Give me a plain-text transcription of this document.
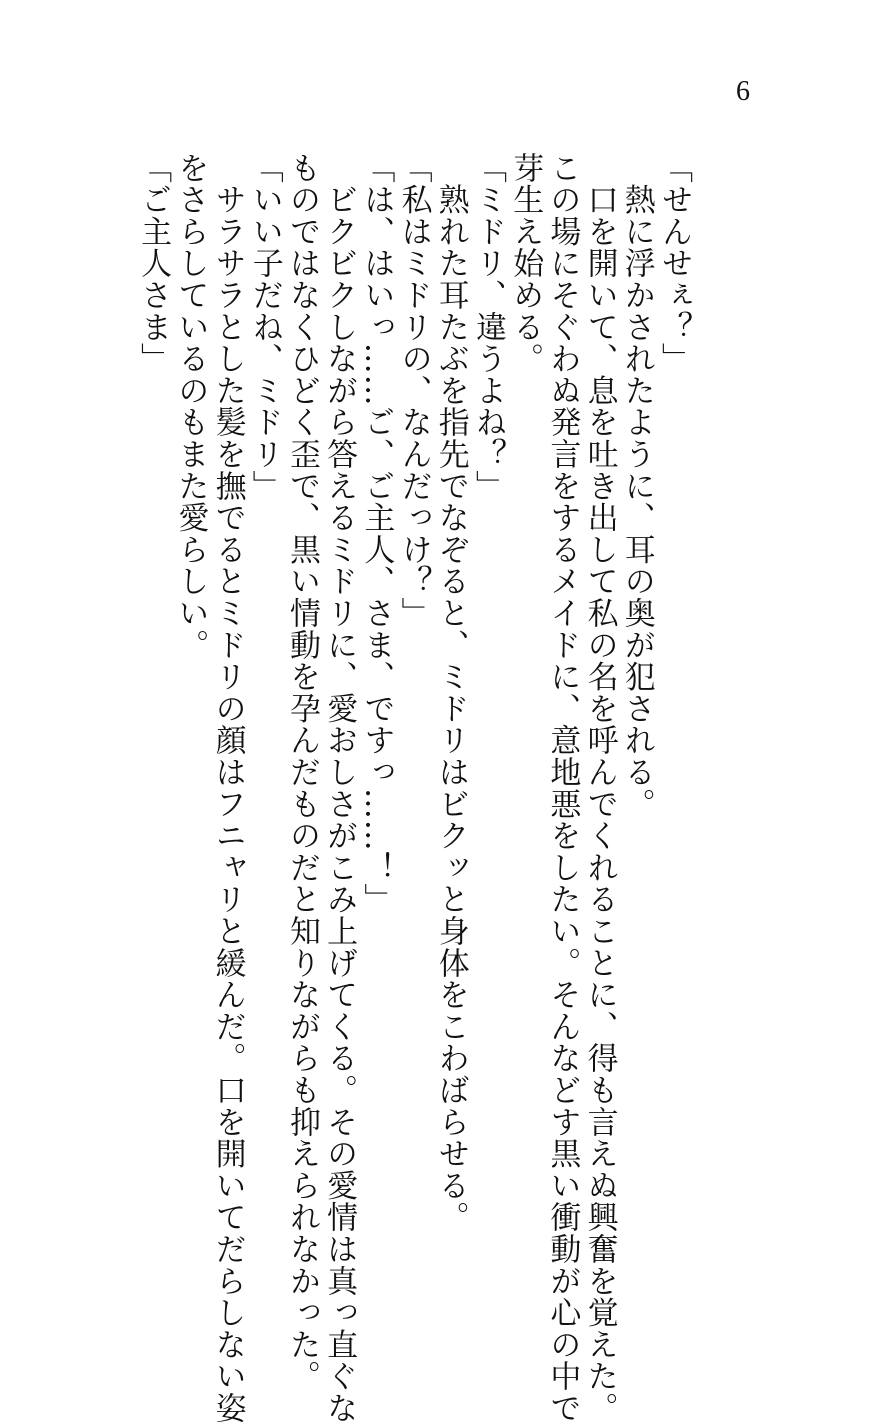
6

「せんせぇ？」

　熱に浮かされたように、耳の奥が犯される。

　口を開いて、息を吐き出して私の名を呼んでくれることに、得も言えぬ興奮を覚えた。

この場にそぐわぬ発言をするメイドに、意地悪をしたい。そんなどす黒い衝動が心の中で

芽生え始める。

「ミドリ、違うよね？」

　熟れた耳たぶを指先でなぞると、ミドリはビクッと身体をこわばらせる。

「私はミドリの、なんだっけ？」

「は、はいっ……ご、ご主人、さま、ですっ……！」

　ビクビクしながら答えるミドリに、愛おしさがこみ上げてくる。その愛情は真っ直ぐな

ものではなくひどく歪で、黒い情動を孕んだものだと知りながらも抑えられなかった。

「いい子だね、ミドリ」

　サラサラとした髪を撫でるとミドリの顔はフニャリと緩んだ。口を開いてだらしない姿

をさらしているのもまた愛らしい。

「ご主人さま」
